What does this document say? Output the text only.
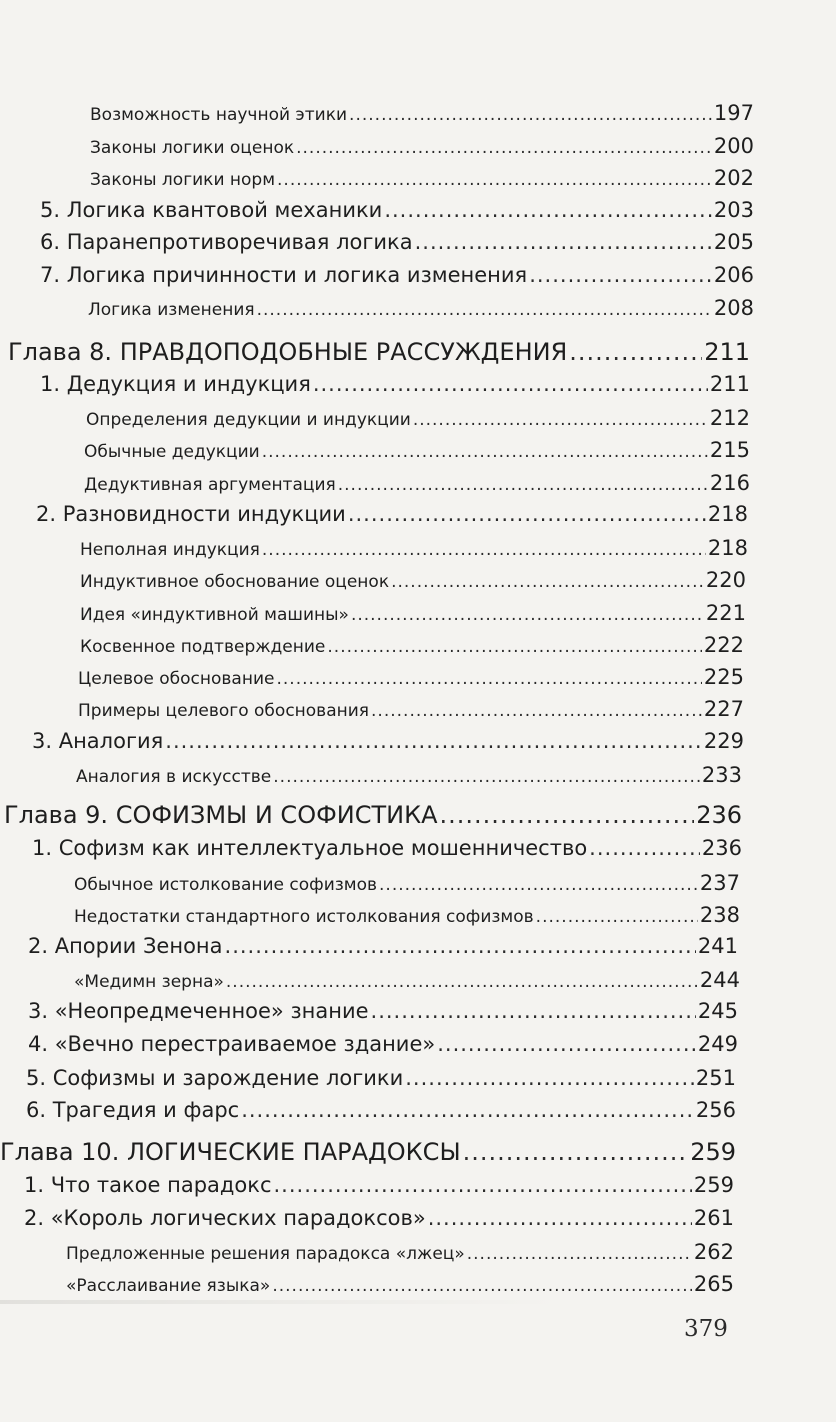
Возможность научной этики .....	197
Законы логики оценок .....	200
Законы логики норм .....	202
5. Логика квантовой механики .....	203
6. Паранепротиворечивая логика .....	205
7. Логика причинности и логика изменения .....	206
Логика изменения .....	208
Глава 8. ПРАВДОПОДОБНЫЕ РАССУЖДЕНИЯ .....	211
1. Дедукция и индукция .....	211
Определения дедукции и индукции .....	212
Обычные дедукции .....	215
Дедуктивная аргументация .....	216
2. Разновидности индукции .....	218
Неполная индукция .....	218
Индуктивное обоснование оценок .....	220
Идея «индуктивной машины» .....	221
Косвенное подтверждение .....	222
Целевое обоснование .....	225
Примеры целевого обоснования .....	227
3. Аналогия .....	229
Аналогия в искусстве .....	233
Глава 9. СОФИЗМЫ И СОФИСТИКА .....	236
1. Софизм как интеллектуальное мошенничество .....	236
Обычное истолкование софизмов .....	237
Недостатки стандартного истолкования софизмов .....	238
2. Апории Зенона .....	241
«Медимн зерна» .....	244
3. «Неопредмеченное» знание .....	245
4. «Вечно перестраиваемое здание» .....	249
5. Софизмы и зарождение логики .....	251
6. Трагедия и фарс .....	256
Глава 10. ЛОГИЧЕСКИЕ ПАРАДОКСЫ .....	259
1. Что такое парадокс .....	259
2. «Король логических парадоксов» .....	261
Предложенные решения парадокса «лжец» .....	262
«Расслаивание языка» .....	265
379
